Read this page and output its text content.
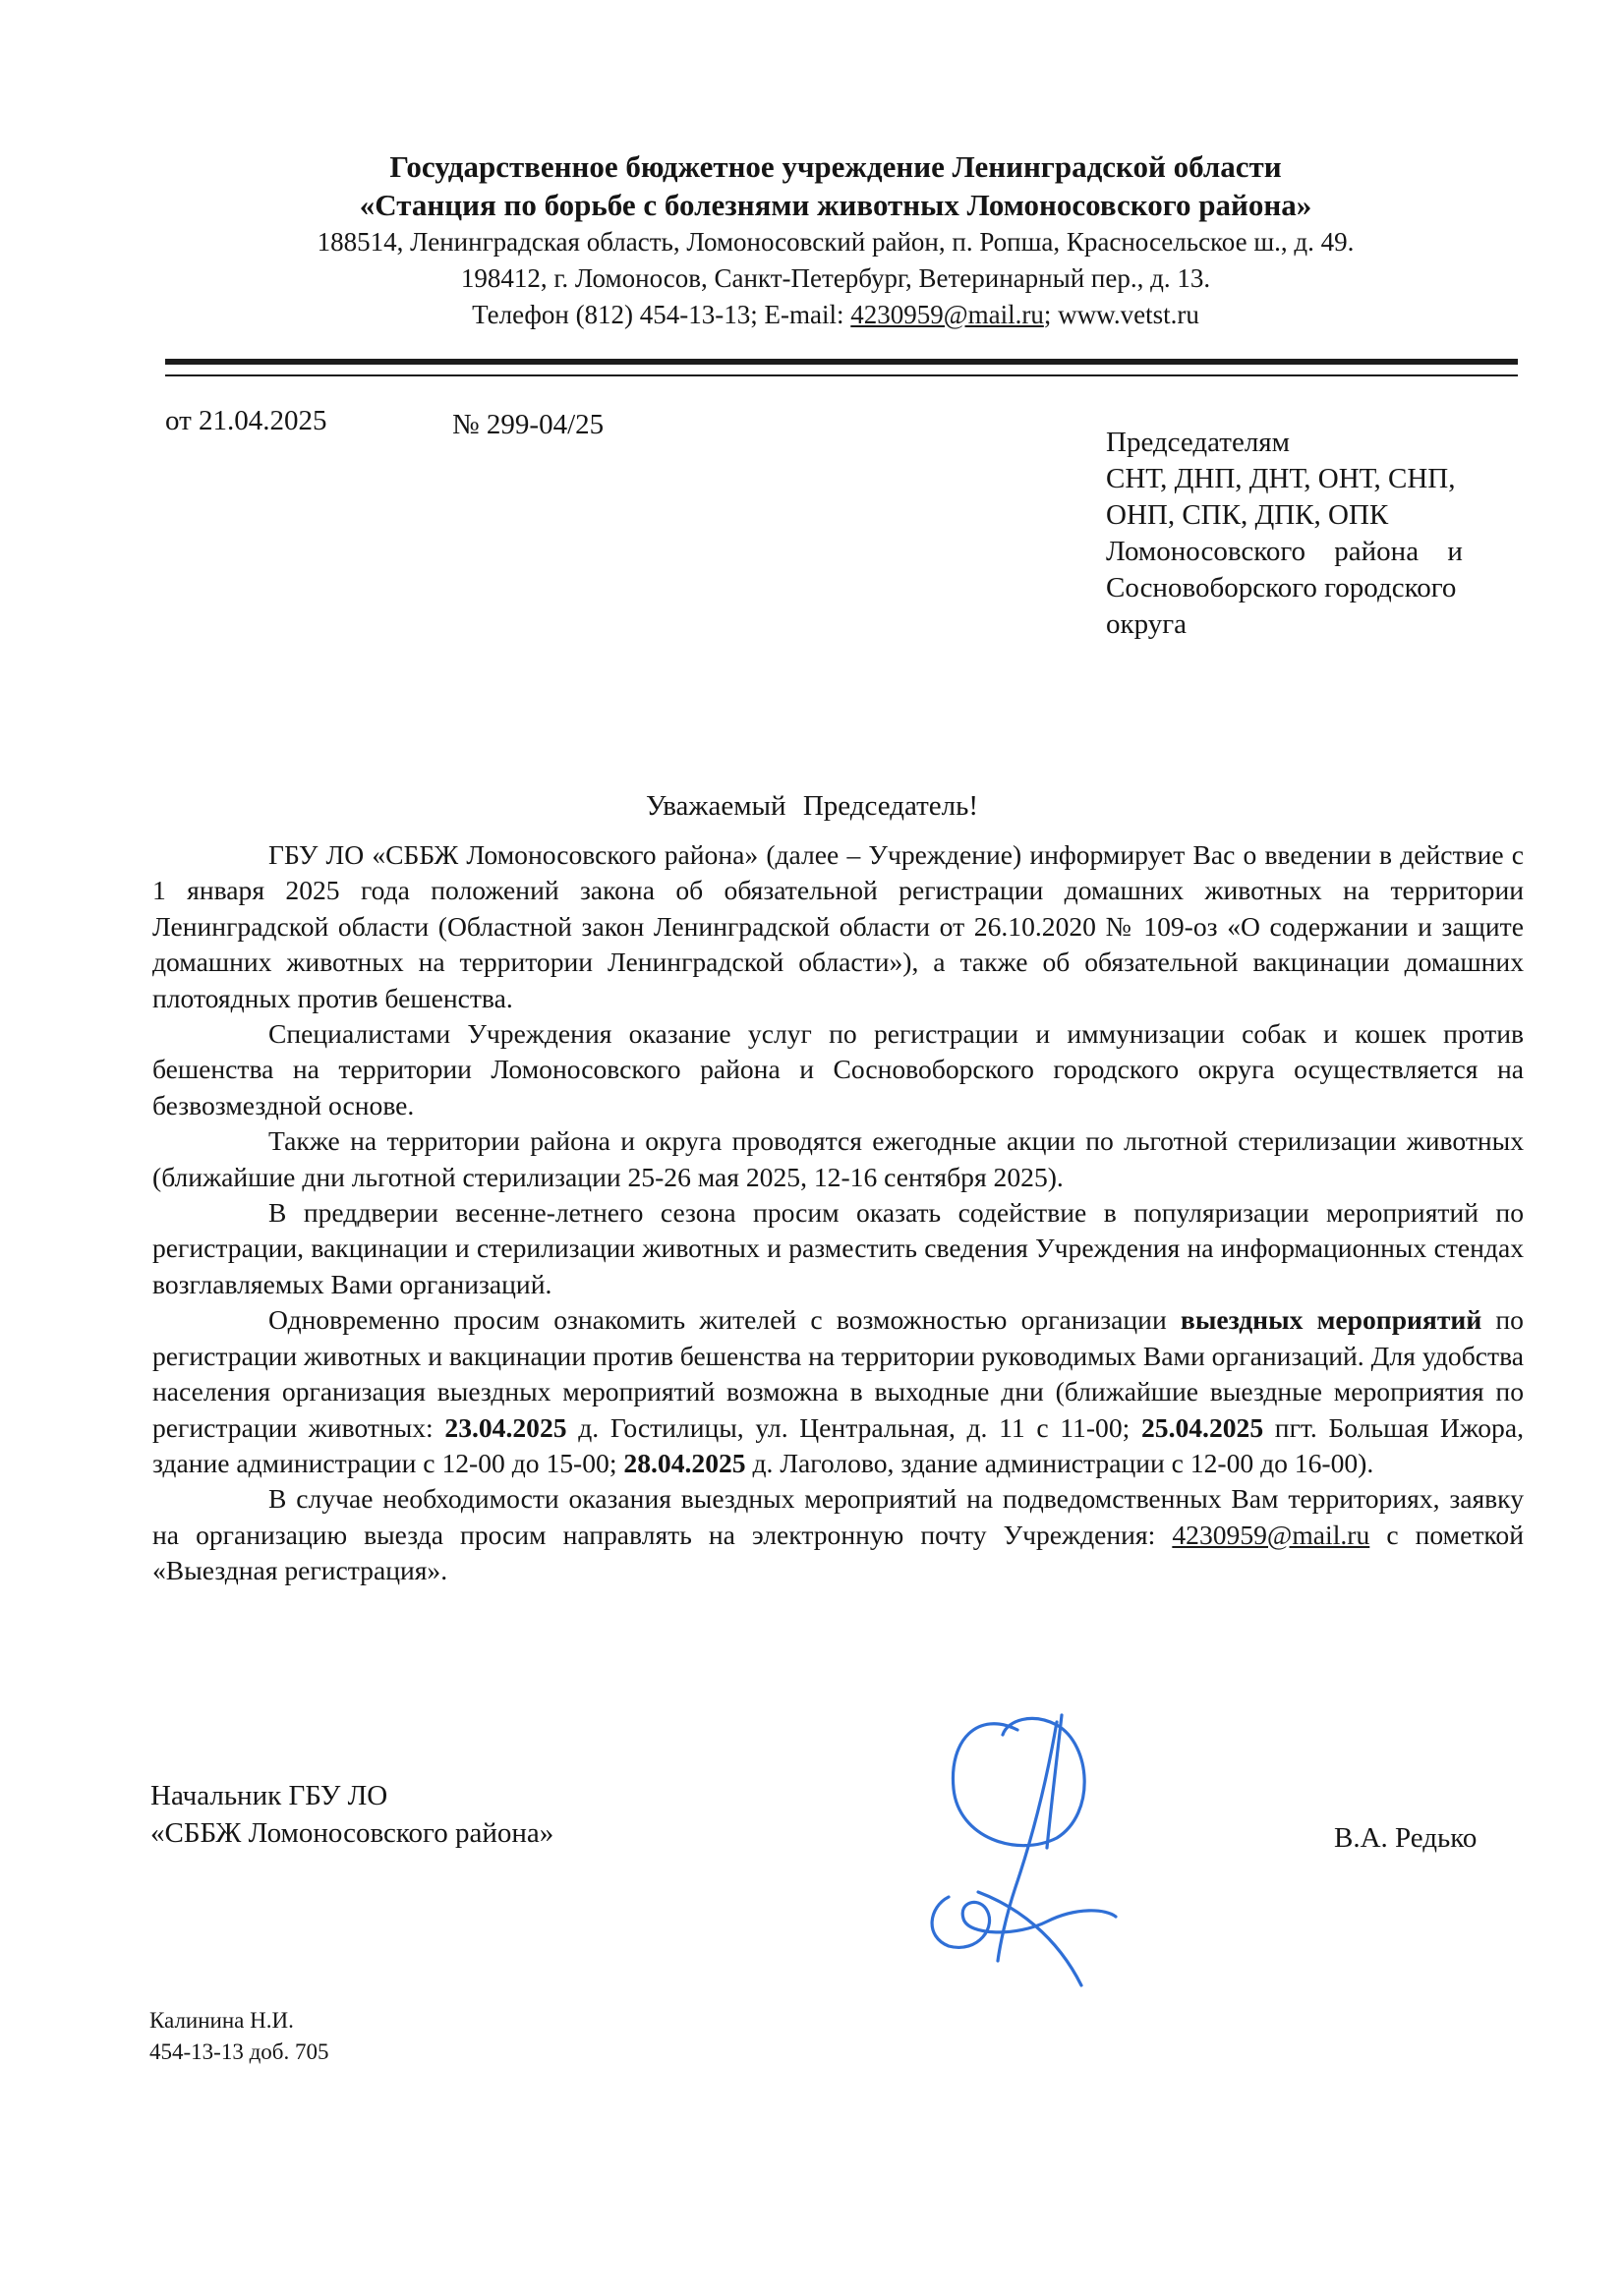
Государственное бюджетное учреждение Ленинградской области

«Станция по борьбе с болезнями животных Ломоносовского района»

188514, Ленинградская область, Ломоносовский район, п. Ропша, Красносельское ш., д. 49.

198412, г. Ломоносов, Санкт-Петербург, Ветеринарный пер., д. 13.

Телефон (812) 454-13-13; E-mail: 4230959@mail.ru; www.vetst.ru

от 21.04.2025	№ 299-04/25
Председателям
СНТ, ДНП, ДНТ, ОНТ, СНП,
ОНП, СПК, ДПК, ОПК
Ломоносовского района и
Сосновоборского городского
округа
Уважаемый Председатель!

ГБУ ЛО «СББЖ Ломоносовского района» (далее – Учреждение) информирует Вас о введении в действие с 1 января 2025 года положений закона об обязательной регистрации домашних животных на территории Ленинградской области (Областной закон Ленинградской области от 26.10.2020 № 109-оз «О содержании и защите домашних животных на территории Ленинградской области»), а также об обязательной вакцинации домашних плотоядных против бешенства.

Специалистами Учреждения оказание услуг по регистрации и иммунизации собак и кошек против бешенства на территории Ломоносовского района и Сосновоборского городского округа осуществляется на безвозмездной основе.

Также на территории района и округа проводятся ежегодные акции по льготной стерилизации животных (ближайшие дни льготной стерилизации 25-26 мая 2025, 12-16 сентября 2025).

В преддверии весенне-летнего сезона просим оказать содействие в популяризации мероприятий по регистрации, вакцинации и стерилизации животных и разместить сведения Учреждения на информационных стендах возглавляемых Вами организаций.

Одновременно просим ознакомить жителей с возможностью организации выездных мероприятий по регистрации животных и вакцинации против бешенства на территории руководимых Вами организаций. Для удобства населения организация выездных мероприятий возможна в выходные дни (ближайшие выездные мероприятия по регистрации животных: 23.04.2025 д. Гостилицы, ул. Центральная, д. 11 с 11-00; 25.04.2025 пгт. Большая Ижора, здание администрации с 12-00 до 15-00; 28.04.2025 д. Лаголово, здание администрации с 12-00 до 16-00).

В случае необходимости оказания выездных мероприятий на подведомственных Вам территориях, заявку на организацию выезда просим направлять на электронную почту Учреждения: 4230959@mail.ru с пометкой «Выездная регистрация».

Начальник ГБУ ЛО
«СББЖ Ломоносовского района»	В.А. Редько
Калинина Н.И.
454-13-13 доб. 705
